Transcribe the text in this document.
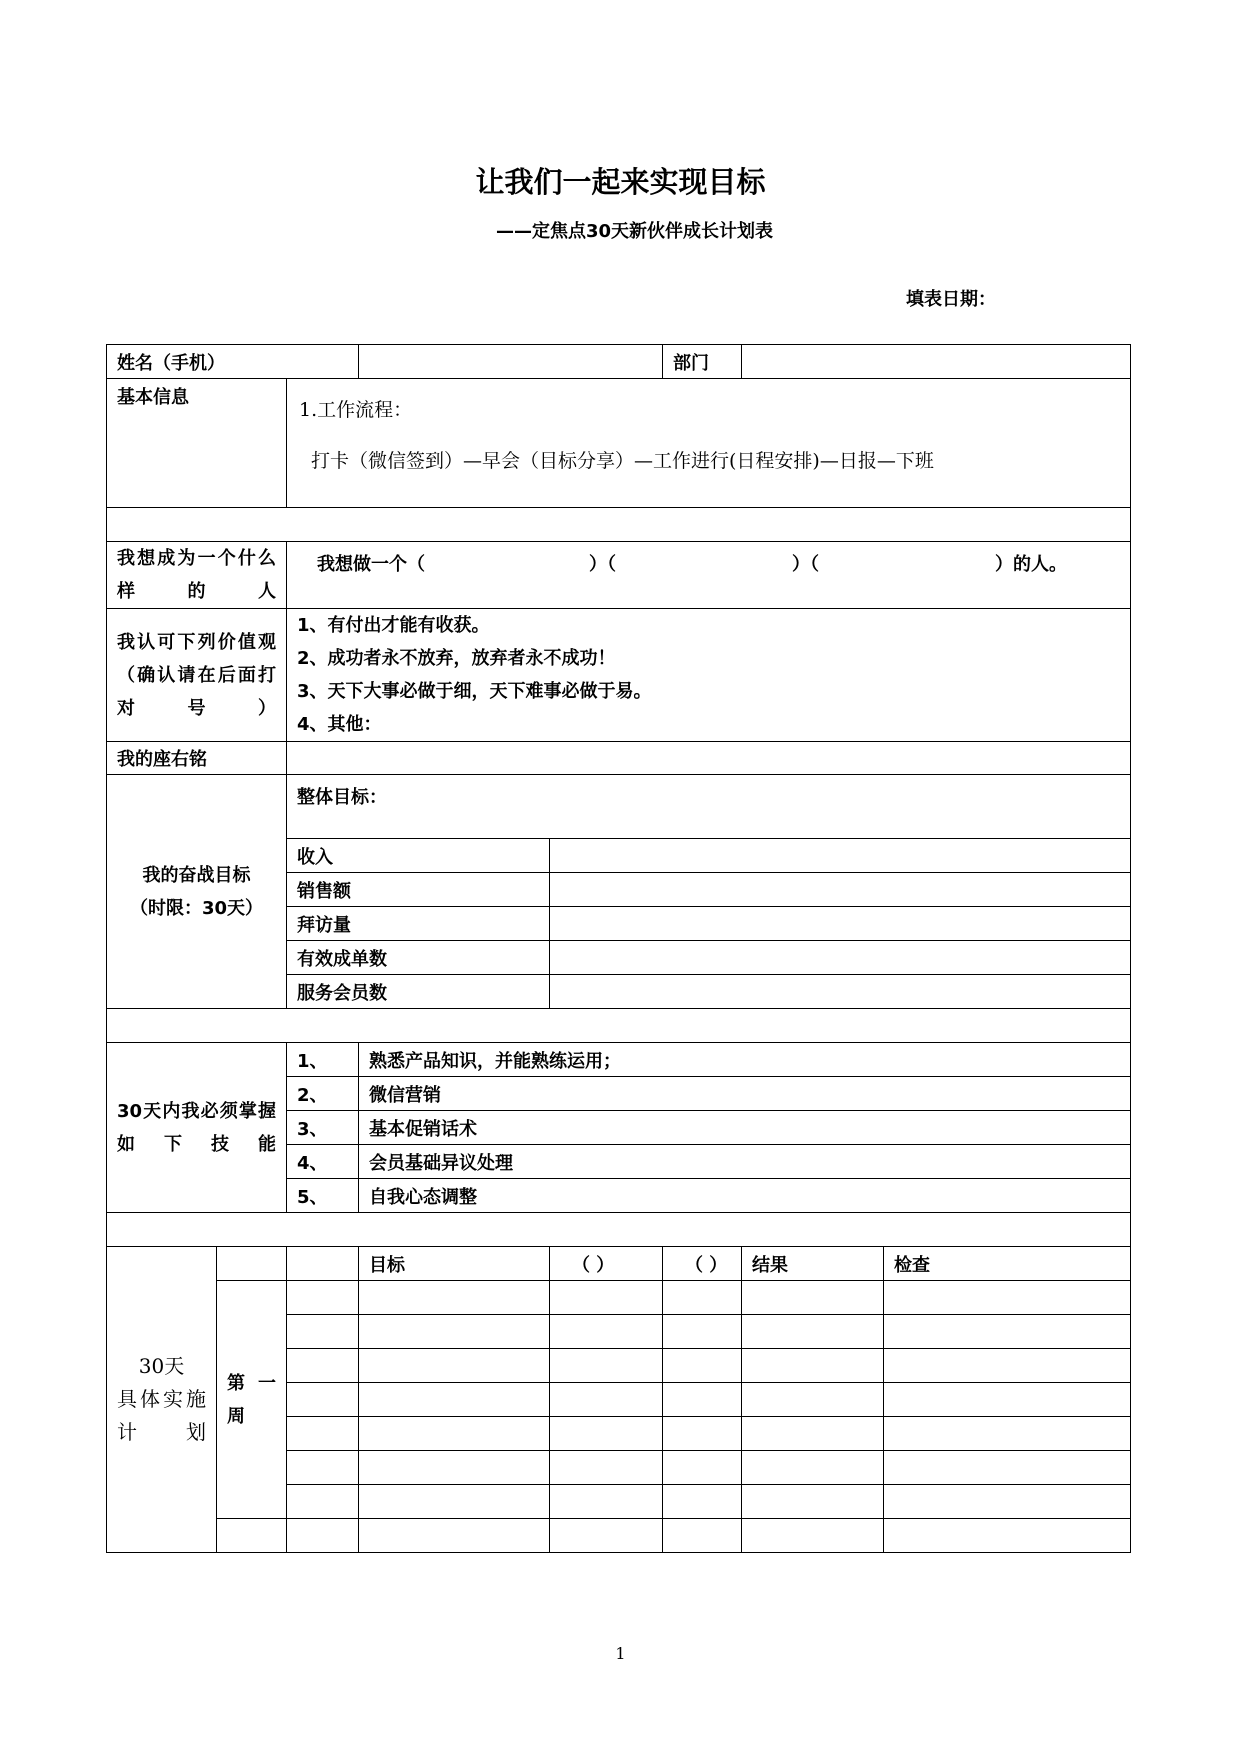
让我们一起来实现目标
——定焦点30天新伙伴成长计划表
填表日期：
姓名（手机）					部门		
基本信息		1.工作流程：
打卡（微信签到）—早会（目标分享）—工作进行(日程安排)—日报—下班					

我想成为一个什么样的人		我想做一个（ ）（ ）（ ）的人。					
我认可下列价值观（确认请在后面打对号）		1、有付出才能有收获。
2、成功者永不放弃，放弃者永不成功！
3、天下大事必做于细，天下难事必做于易。
4、其他：					

我的座右铭							

我的奋战目标
（时限：30天）		整体目标：					
		收入					
		销售额					
		拜访量					
		有效成单数					
		服务会员数					

30天内我必须掌握如下技能		1、	熟悉产品知识，并能熟练运用；				
		2、	微信营销				
		3、	基本促销话术				
		4、	会员基础异议处理				
		5、	自我心态调整				

30天
具体实施计划			目标	（ ）	（ ）	结果	检查
	第一周						

1
